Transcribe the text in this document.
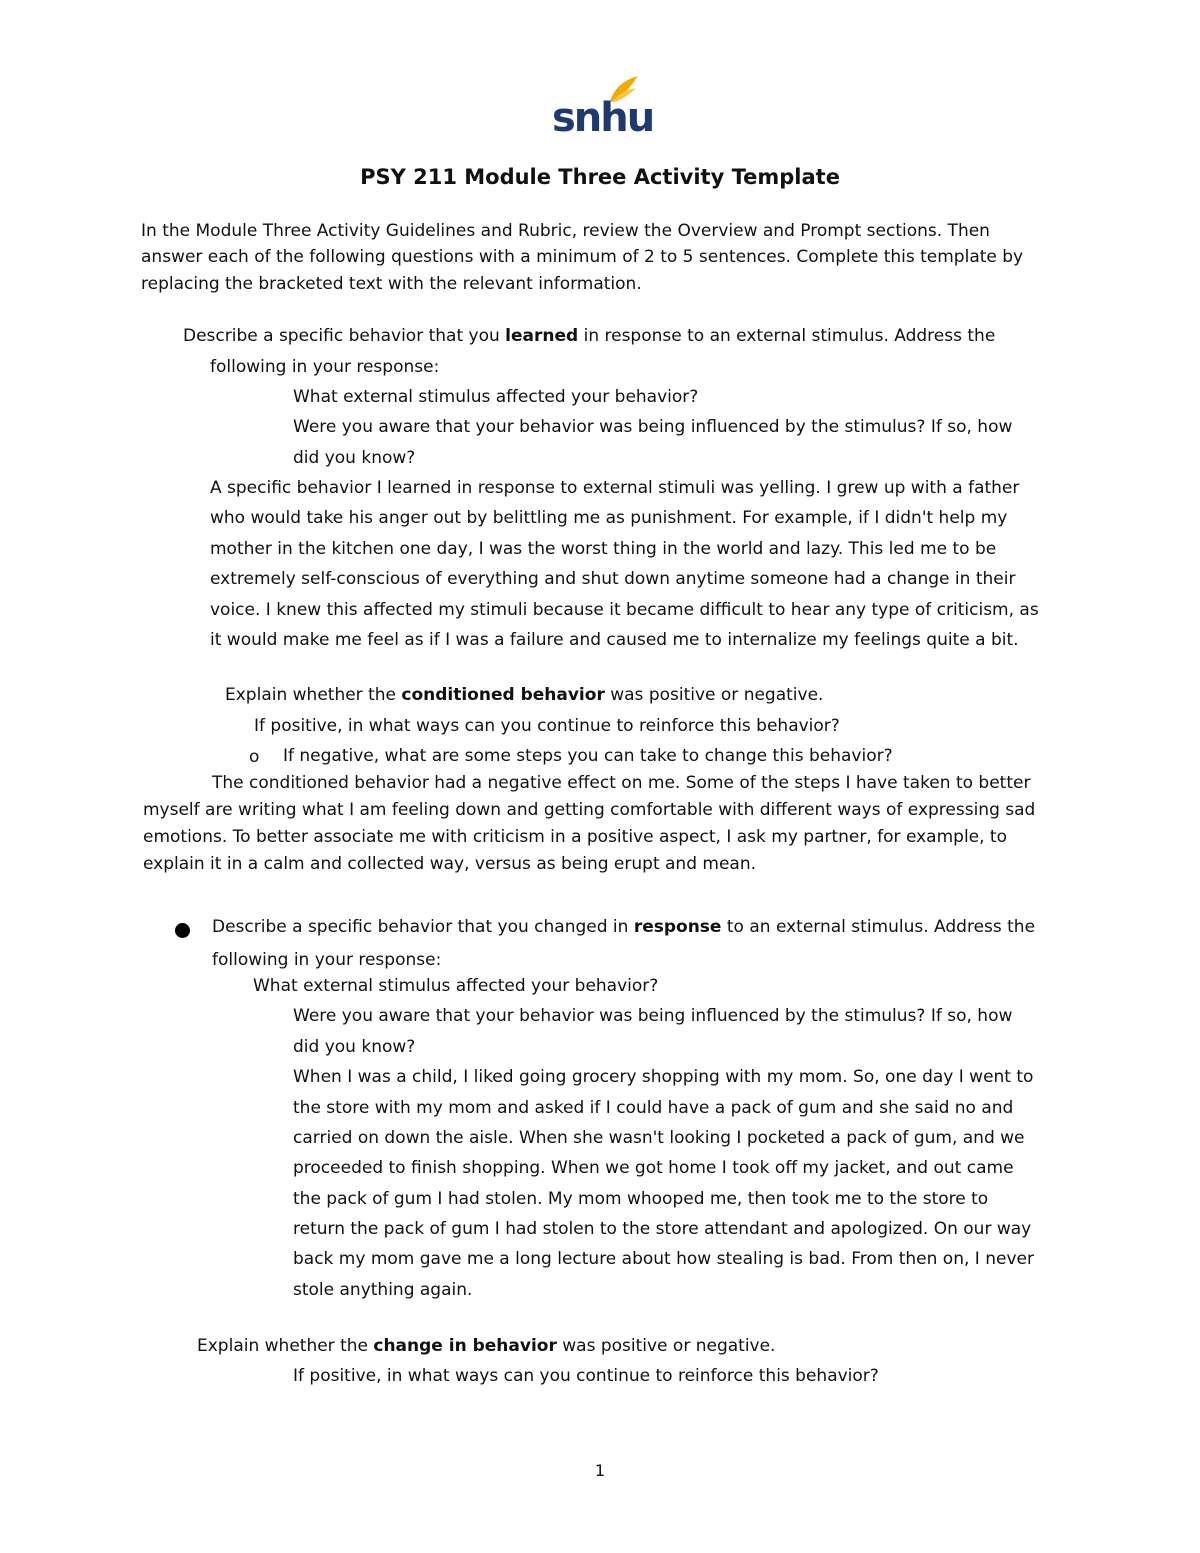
snhu
PSY 211 Module Three Activity Template

In the Module Three Activity Guidelines and Rubric, review the Overview and Prompt sections. Then

answer each of the following questions with a minimum of 2 to 5 sentences. Complete this template by

replacing the bracketed text with the relevant information.

Describe a specific behavior that you learned in response to an external stimulus. Address the

following in your response:

What external stimulus affected your behavior?

Were you aware that your behavior was being influenced by the stimulus? If so, how

did you know?

A specific behavior I learned in response to external stimuli was yelling. I grew up with a father

who would take his anger out by belittling me as punishment. For example, if I didn't help my

mother in the kitchen one day, I was the worst thing in the world and lazy. This led me to be

extremely self-conscious of everything and shut down anytime someone had a change in their

voice. I knew this affected my stimuli because it became difficult to hear any type of criticism, as

it would make me feel as if I was a failure and caused me to internalize my feelings quite a bit.

Explain whether the conditioned behavior was positive or negative.

If positive, in what ways can you continue to reinforce this behavior?

o If negative, what are some steps you can take to change this behavior?

The conditioned behavior had a negative effect on me. Some of the steps I have taken to better

myself are writing what I am feeling down and getting comfortable with different ways of expressing sad

emotions. To better associate me with criticism in a positive aspect, I ask my partner, for example, to

explain it in a calm and collected way, versus as being erupt and mean.

Describe a specific behavior that you changed in response to an external stimulus. Address the

following in your response:

What external stimulus affected your behavior?

Were you aware that your behavior was being influenced by the stimulus? If so, how

did you know?

When I was a child, I liked going grocery shopping with my mom. So, one day I went to

the store with my mom and asked if I could have a pack of gum and she said no and

carried on down the aisle. When she wasn't looking I pocketed a pack of gum, and we

proceeded to finish shopping. When we got home I took off my jacket, and out came

the pack of gum I had stolen. My mom whooped me, then took me to the store to

return the pack of gum I had stolen to the store attendant and apologized. On our way

back my mom gave me a long lecture about how stealing is bad. From then on, I never

stole anything again.

Explain whether the change in behavior was positive or negative.

If positive, in what ways can you continue to reinforce this behavior?

1
